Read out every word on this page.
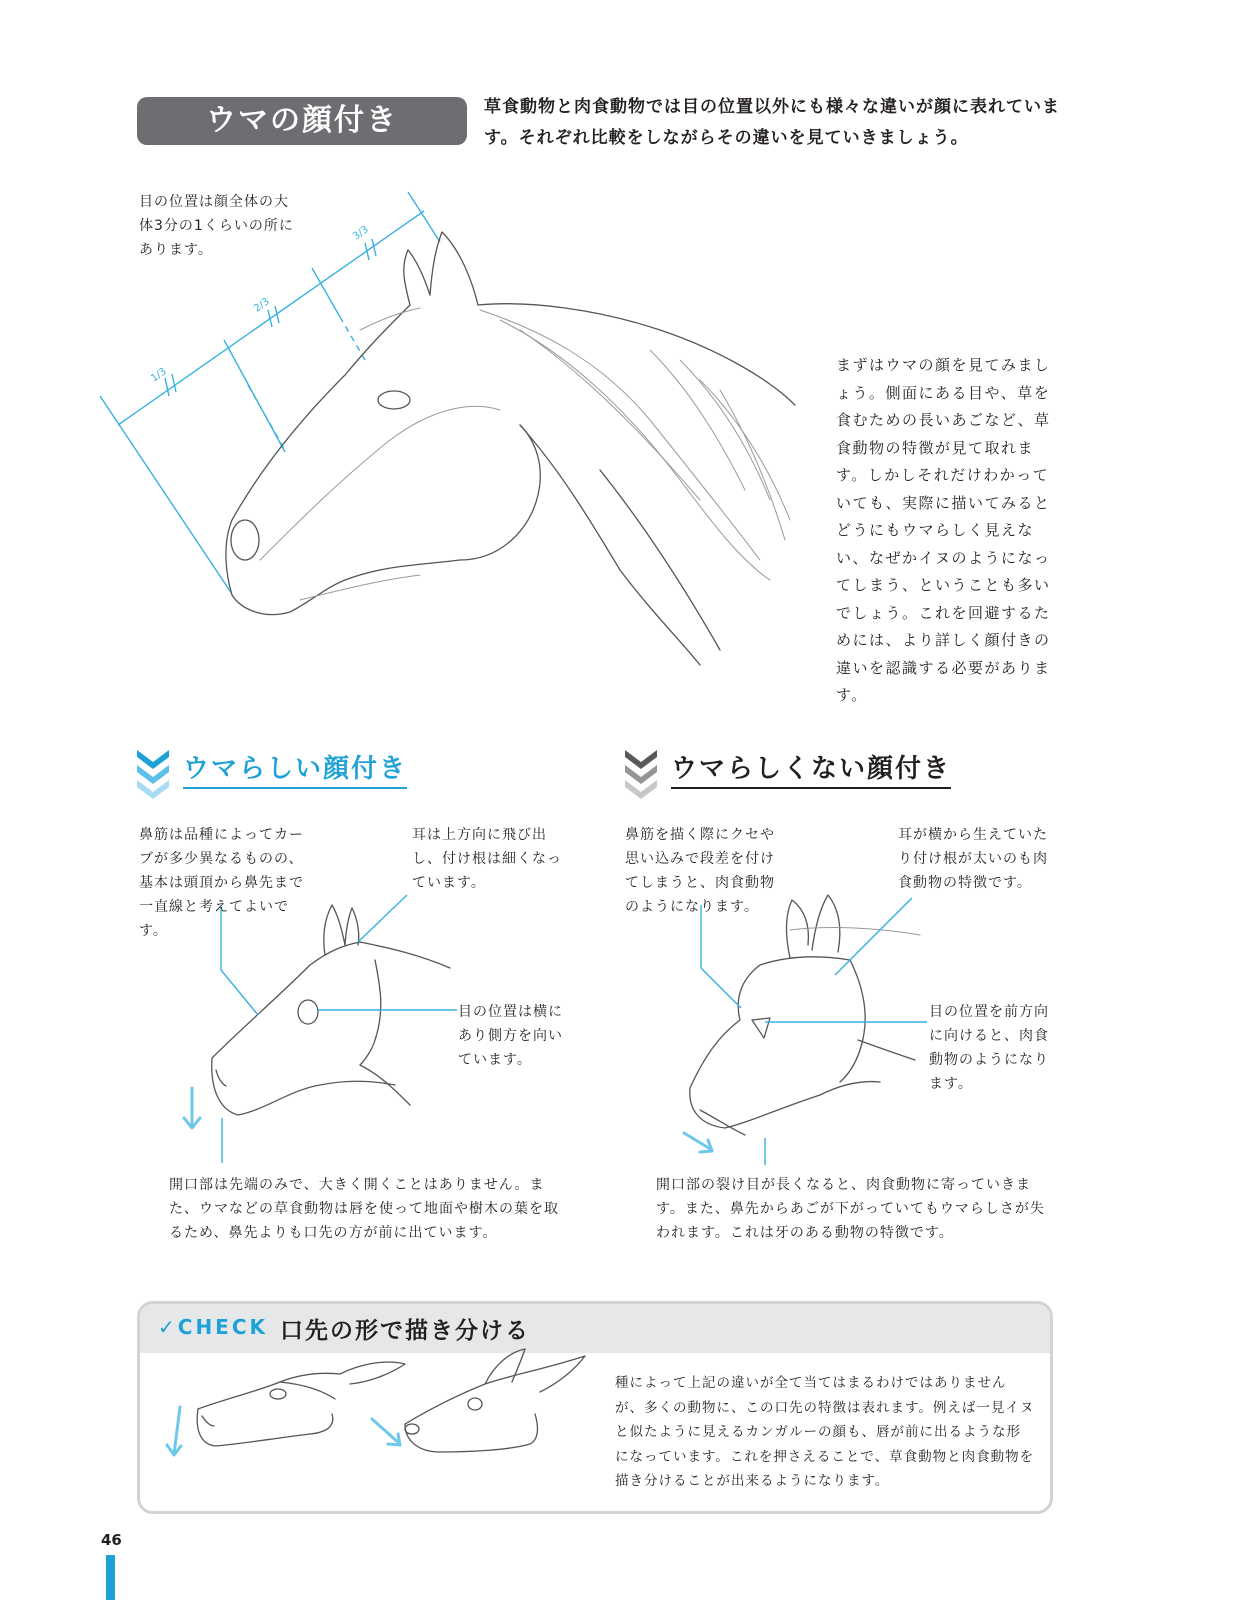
ウマの顔付き	草食動物と肉食動物では目の位置以外にも様々な違いが顔に表れています。それぞれ比較をしながらその違いを見ていきましょう。
目の位置は顔全体の大体3分の1くらいの所にあります。
まずはウマの顔を見てみましょう。側面にある目や、草を食むための長いあごなど、草食動物の特徴が見て取れます。しかしそれだけわかっていても、実際に描いてみるとどうにもウマらしく見えない、なぜかイヌのようになってしまう、ということも多いでしょう。これを回避するためには、より詳しく顔付きの違いを認識する必要があります。
1/3
2/3
3/3
ウマらしい顔付き	ウマらしくない顔付き
鼻筋は品種によってカーブが多少異なるものの、基本は頭頂から鼻先まで一直線と考えてよいです。
耳は上方向に飛び出し、付け根は細くなっています。
目の位置は横にあり側方を向いています。
開口部は先端のみで、大きく開くことはありません。また、ウマなどの草食動物は唇を使って地面や樹木の葉を取るため、鼻先よりも口先の方が前に出ています。
鼻筋を描く際にクセや思い込みで段差を付けてしまうと、肉食動物のようになります。
耳が横から生えていたり付け根が太いのも肉食動物の特徴です。
目の位置を前方向に向けると、肉食動物のようになります。
開口部の裂け目が長くなると、肉食動物に寄っていきます。また、鼻先からあごが下がっていてもウマらしさが失われます。これは牙のある動物の特徴です。
✓CHECK 口先の形で描き分ける
種によって上記の違いが全て当てはまるわけではありませんが、多くの動物に、この口先の特徴は表れます。例えば一見イヌと似たように見えるカンガルーの顔も、唇が前に出るような形になっています。これを押さえることで、草食動物と肉食動物を描き分けることが出来るようになります。
46
